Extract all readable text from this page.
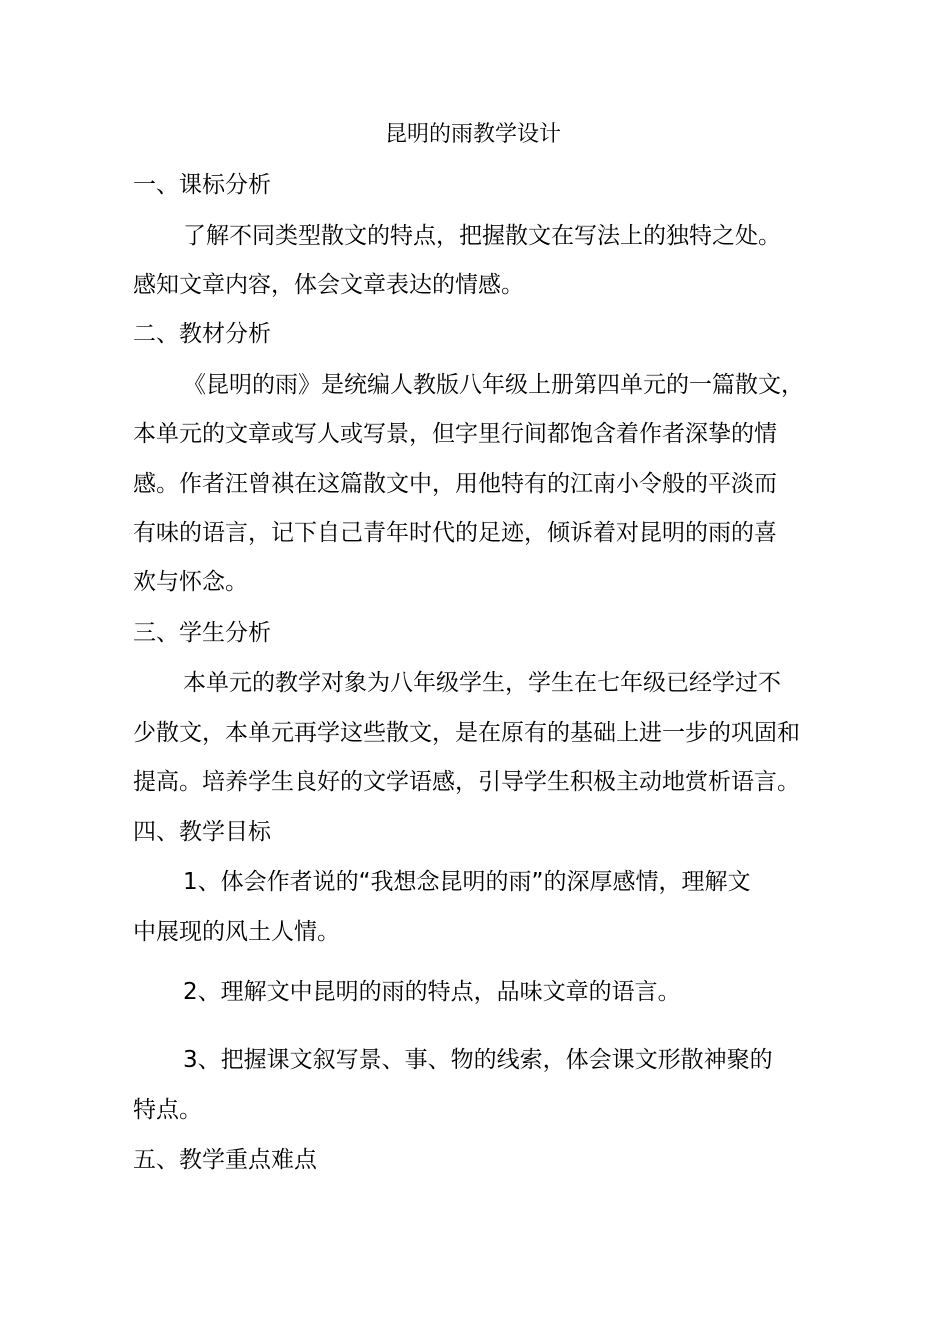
昆明的雨教学设计

一、课标分析

了解不同类型散文的特点，把握散文在写法上的独特之处。

感知文章内容，体会文章表达的情感。

二、教材分析

《昆明的雨》是统编人教版八年级上册第四单元的一篇散文，

本单元的文章或写人或写景，但字里行间都饱含着作者深挚的情

感。作者汪曾祺在这篇散文中，用他特有的江南小令般的平淡而

有味的语言，记下自己青年时代的足迹，倾诉着对昆明的雨的喜

欢与怀念。

三、学生分析

本单元的教学对象为八年级学生，学生在七年级已经学过不

少散文，本单元再学这些散文，是在原有的基础上进一步的巩固和

提高。培养学生良好的文学语感，引导学生积极主动地赏析语言。

四、教学目标

1、体会作者说的“我想念昆明的雨”的深厚感情，理解文

中展现的风土人情。

2、理解文中昆明的雨的特点，品味文章的语言。

3、把握课文叙写景、事、物的线索，体会课文形散神聚的

特点。

五、教学重点难点
